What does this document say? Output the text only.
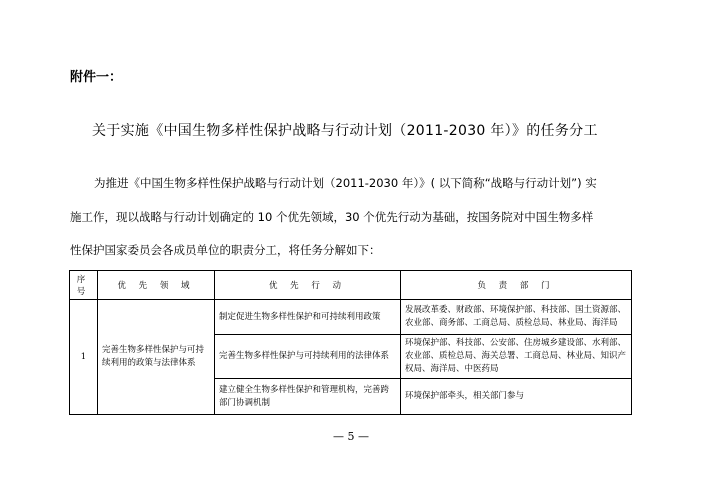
附件一：
关于实施《中国生物多样性保护战略与行动计划（2011-2030 年）》的任务分工
为推进《中国生物多样性保护战略与行动计划（2011-2030 年）》( 以下简称“战略与行动计划”) 实
施工作，现以战略与行动计划确定的 10 个优先领域，30 个优先行动为基础，按国务院对中国生物多样
性保护国家委员会各成员单位的职责分工，将任务分解如下：
序号	优 先 领 域	优 先 行 动	负 责 部 门
1	完善生物多样性保护与可持续利用的政策与法律体系	制定促进生物多样性保护和可持续利用政策	发展改革委、财政部、环境保护部、科技部、国土资源部、农业部、商务部、工商总局、质检总局、林业局、海洋局
		完善生物多样性保护与可持续利用的法律体系	环境保护部、科技部、公安部、住房城乡建设部、水利部、农业部、质检总局、海关总署、工商总局、林业局、知识产权局、海洋局、中医药局
		建立健全生物多样性保护和管理机构，完善跨部门协调机制	环境保护部牵头，相关部门参与
— 5 —
